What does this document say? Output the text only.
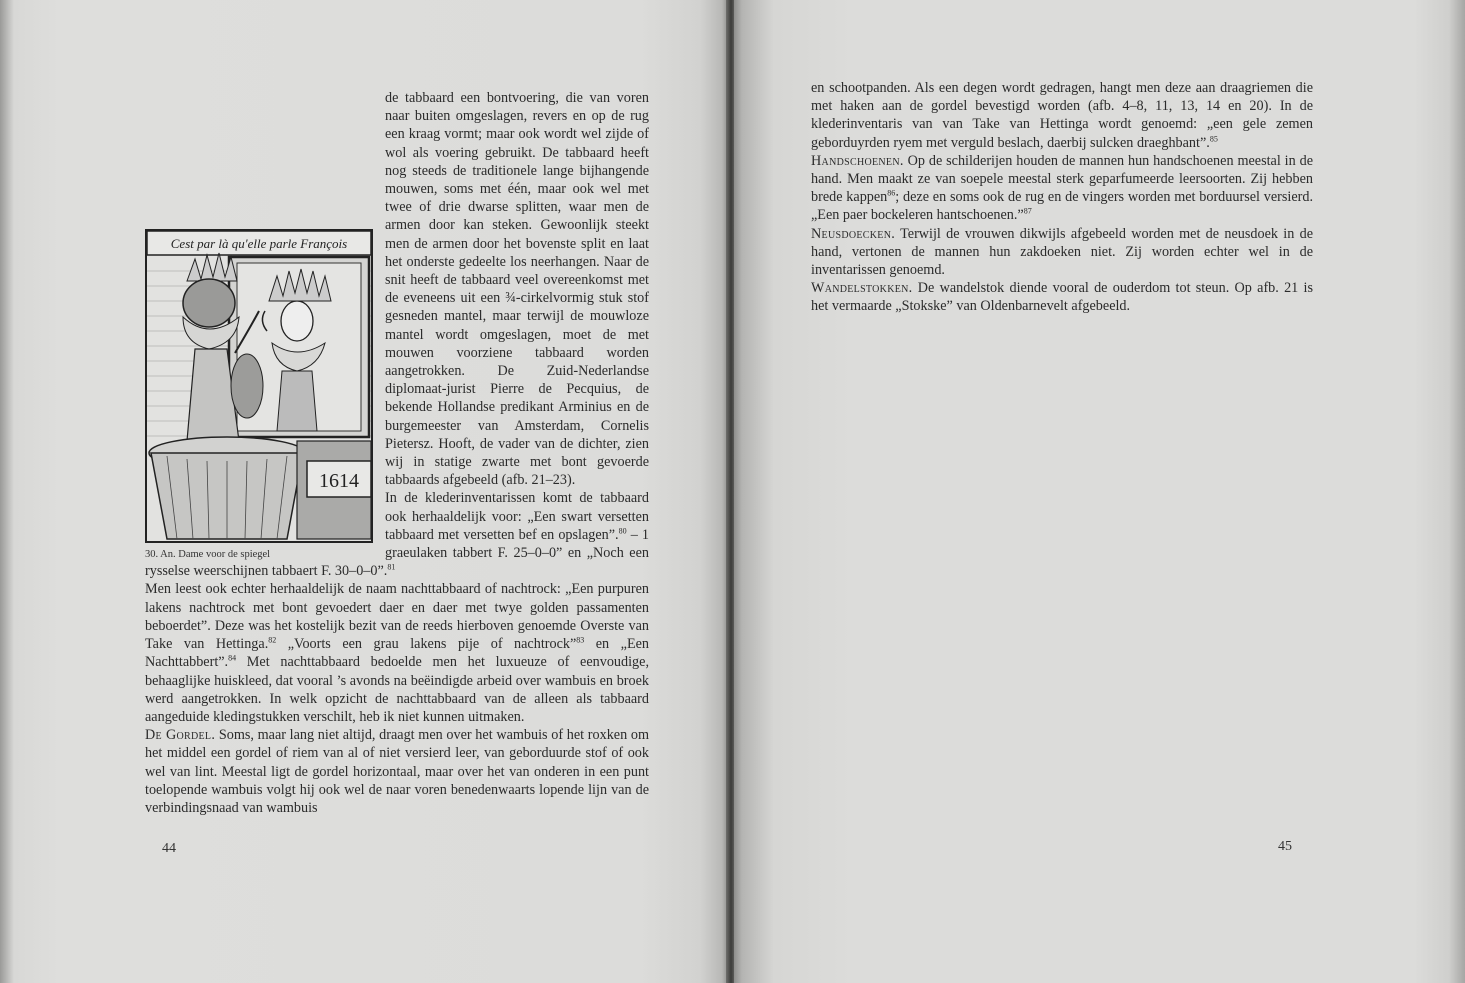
en schootpanden. Als een degen wordt gedragen, hangt men deze aan draagriemen die met haken aan de gordel bevestigd worden (afb. 4–8, 11, 13, 14 en 20). In de klederinventaris van van Take van Hettinga wordt genoemd: „een gele zemen geborduyrden ryem met verguld beslach, daerbij sulcken draeghbant”.$^{85}$

Handschoenen. Op de schilderijen houden de mannen hun handschoenen meestal in de hand. Men maakt ze van soepele meestal sterk geparfumeerde leersoorten. Zij hebben brede kappen$^{86}$; deze en soms ook de rug en de vingers worden met borduursel versierd. „Een paer bockeleren hantschoenen.”$^{87}$

Neusdoecken. Terwijl de vrouwen dikwijls afgebeeld worden met de neusdoek in de hand, vertonen de mannen hun zakdoeken niet. Zij worden echter wel in de inventarissen genoemd.

Wandelstokken. De wandelstok diende vooral de ouderdom tot steun. Op afb. 21 is het vermaarde „Stokske” van Oldenbarnevelt afgebeeld.

45

de tabbaard een bontvoering, die van voren naar buiten omgeslagen, revers en op de rug een kraag vormt; maar ook wordt wel zijde of wol als voering gebruikt. De tabbaard heeft nog steeds de traditionele lange bijhangende mouwen, soms met één, maar ook wel met twee of drie dwarse splitten, waar men de armen door kan steken. Gewoonlijk steekt men de armen door het bovenste split en laat het onderste gedeelte los neerhangen. Naar de snit heeft de tabbaard veel overeenkomst met de eveneens uit een ¾-cirkelvormig stuk stof gesneden mantel, maar terwijl de mouwloze mantel wordt omgeslagen, moet de met mouwen voorziene tabbaard worden aangetrokken. De Zuid-Nederlandse diplomaat-jurist Pierre de Pecquius, de bekende Hollandse predikant Arminius en de burgemeester van Amsterdam, Cornelis Pietersz. Hooft, de vader van de dichter, zien wij in statige zwarte met bont gevoerde tabbaards afgebeeld (afb. 21–23).

In de klederinventarissen komt de tabbaard ook herhaaldelijk voor: „Een swart versetten tabbaard met versetten bef en opslagen”.$^{80}$ – 1 graeulaken tabbert F. 25–0–0” en „Noch een rysselse weerschijnen tabbaert F. 30–0–0”.$^{81}$

Men leest ook echter herhaaldelijk de naam nachttabbaard of nachtrock: „Een purpuren lakens nachtrock met bont gevoedert daer en daer met twye golden passamenten beboerdet”. Deze was het kostelijk bezit van de reeds hierboven genoemde Overste van Take van Hettinga.$^{82}$ „Voorts een grau lakens pije of nachtrock”$^{83}$ en „Een Nachttabbert”.$^{84}$ Met nachttabbaard bedoelde men het luxueuze of eenvoudige, behaaglijke huiskleed, dat vooral ’s avonds na beëindigde arbeid over wambuis en broek werd aangetrokken. In welk opzicht de nachttabbaard van de alleen als tabbaard aangeduide kledingstukken verschilt, heb ik niet kunnen uitmaken.

De Gordel. Soms, maar lang niet altijd, draagt men over het wambuis of het roxken om het middel een gordel of riem van al of niet versierd leer, van geborduurde stof of ook wel van lint. Meestal ligt de gordel horizontaal, maar over het van onderen in een punt toelopende wambuis volgt hij ook wel de naar voren benedenwaarts lopende lijn van de verbindingsnaad van wambuis

Cest par là qu'elle parle François
1614
30. An. Dame voor de spiegel
44
